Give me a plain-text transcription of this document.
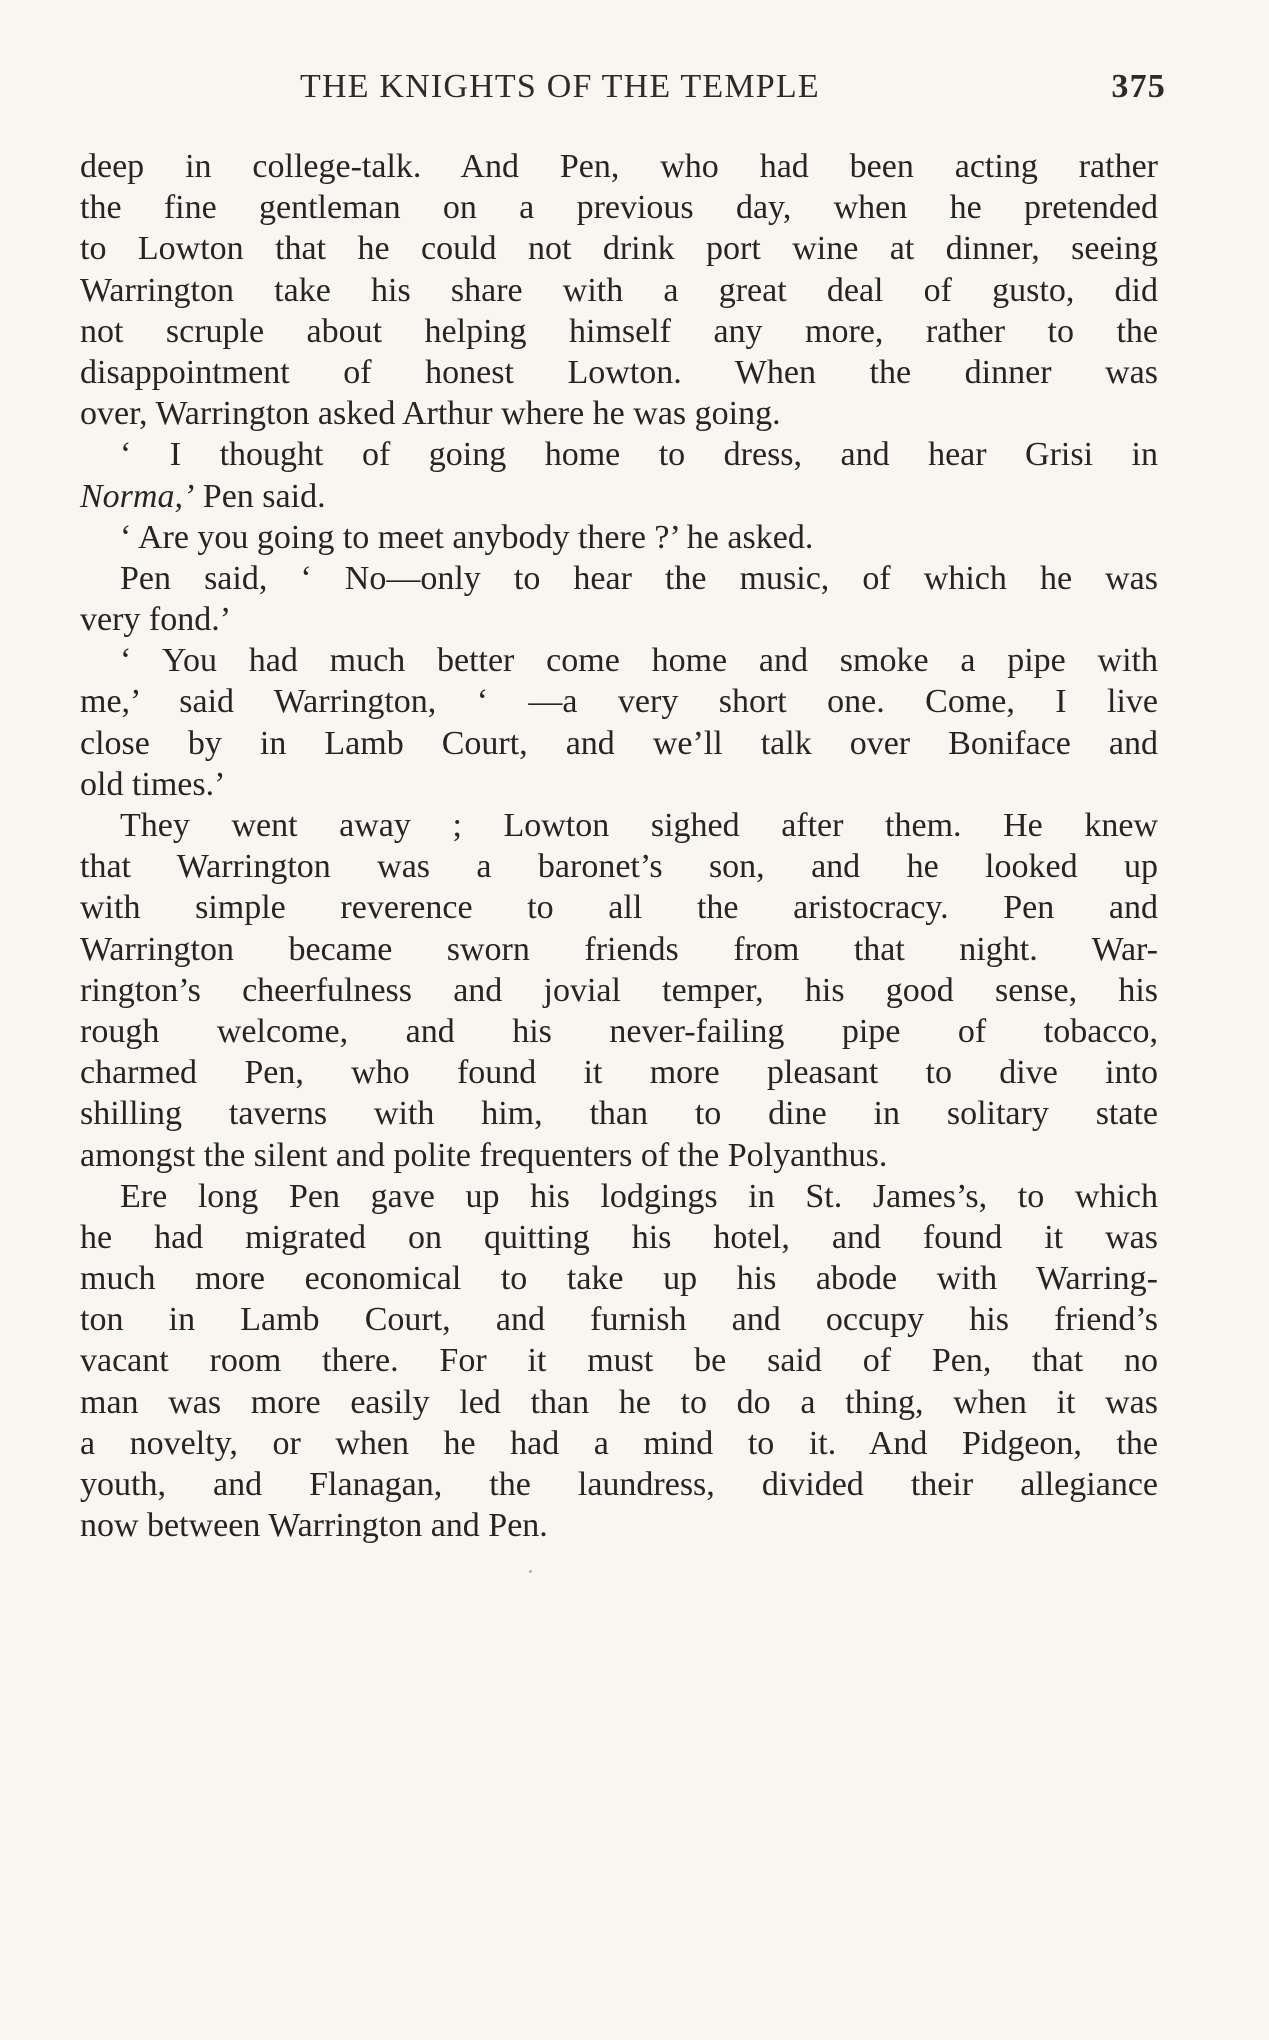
THE KNIGHTS OF THE TEMPLE	375
deep in college-talk. And Pen, who had been acting rather
the fine gentleman on a previous day, when he pretended
to Lowton that he could not drink port wine at dinner, seeing
Warrington take his share with a great deal of gusto, did
not scruple about helping himself any more, rather to the
disappointment of honest Lowton. When the dinner was
over, Warrington asked Arthur where he was going.
‘ I thought of going home to dress, and hear Grisi in
Norma,’ Pen said.
‘ Are you going to meet anybody there ?’ he asked.
Pen said, ‘ No—only to hear the music, of which he was
very fond.’
‘ You had much better come home and smoke a pipe with
me,’ said Warrington, ‘ —a very short one. Come, I live
close by in Lamb Court, and we’ll talk over Boniface and
old times.’
They went away ; Lowton sighed after them. He knew
that Warrington was a baronet’s son, and he looked up
with simple reverence to all the aristocracy. Pen and
Warrington became sworn friends from that night. War-
rington’s cheerfulness and jovial temper, his good sense, his
rough welcome, and his never-failing pipe of tobacco,
charmed Pen, who found it more pleasant to dive into
shilling taverns with him, than to dine in solitary state
amongst the silent and polite frequenters of the Polyanthus.
Ere long Pen gave up his lodgings in St. James’s, to which
he had migrated on quitting his hotel, and found it was
much more economical to take up his abode with Warring-
ton in Lamb Court, and furnish and occupy his friend’s
vacant room there. For it must be said of Pen, that no
man was more easily led than he to do a thing, when it was
a novelty, or when he had a mind to it. And Pidgeon, the
youth, and Flanagan, the laundress, divided their allegiance
now between Warrington and Pen.
